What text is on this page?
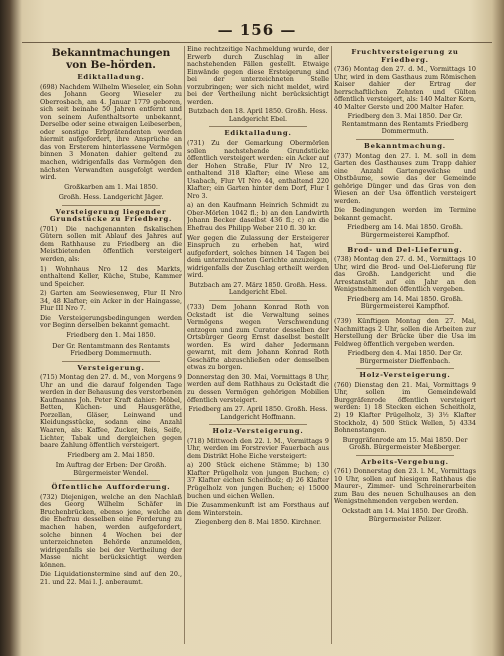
— 156 —
Bekanntmachungen von Be-hörden.
Ediktalladung.

(698) Nachdem Wilhelm Wieseler, ein Sohn des Johann Georg Wieseler zu Oberrosbach, am 4. Januar 1779 geboren, sich seit beinahe 50 Jahren entfernt und von seinem Aufenthaltsorte unbekannt, Derselbe oder seine etwaigen Leibeserben, oder sonstige Erbprätendenten werden hiermit aufgefordert, ihre Ansprüche an das von Ersterem hinterlassene Vermögen binnen 3 Monaten dahier geltend zu machen, widrigenfalls das Vermögen den nächsten Verwandten ausgefolgt werden wird.

Großkarben am 1. Mai 1850.

Großh. Hess. Landgericht Jäger.

Versteigerung liegender Grundstücke zu Friedberg.

(701) Die nachgenannten fiskalischen Gütern sollen mit Ablauf des Jahres auf dem Rathhause zu Friedberg an die Meistbietenden öffentlich versteigert werden, als:

1) Wohnhaus Nro 12 des Markts, enthaltend Keller, Küche, Stube, Kammer und Speicher.

2) Garten am Seewiesenweg, Flur II Nro 34, 48 Klafter; ein Acker in der Haingasse, Flur III Nro 7.

Die Versteigerungsbedingungen werden vor Beginn derselben bekannt gemacht.

Friedberg den 1. Mai 1850.

Der Gr. Rentamtmann des Rentamts Friedberg Dommermuth.

Versteigerung.

(715) Montag den 27. d. M., von Morgens 9 Uhr an und die darauf folgenden Tage werden in der Behausung des verstorbenen Kaufmanns Joh. Peter Kraft dahier: Möbel, Betten, Küchen- und Hausgeräthe, Porzellan, Gläser, Leinwand und Kleidungsstücke, sodann eine Anzahl Waaren, als: Kaffee, Zucker, Reis, Seife, Lichter, Tabak und dergleichen gegen baare Zahlung öffentlich versteigert.

Friedberg am 2. Mai 1850.

Im Auftrag der Erben: Der Großh. Bürgermeister Wendel.

Öffentliche Aufforderung.

(732) Diejenigen, welche an den Nachlaß des Georg Wilhelm Schäfer in Bruchenbrücken, ebenso jene, welche an die Ehefrau desselben eine Forderung zu machen haben, werden aufgefordert, solche binnen 4 Wochen bei der unterzeichneten Behörde anzumelden, widrigenfalls sie bei der Vertheilung der Masse nicht berücksichtigt werden können.

Die Liquidationstermine sind auf den 20., 21. und 22. Mai l. J. anberaumt.

Eine rechtzeitige Nachmeldung wurde, der Erwerb durch Zuschlag in aller nachstehenden Fällen gestellt. Etwaige Einwände gegen diese Ersteigerung sind bei der unterzeichneten Stelle vorzubringen; wer sich nicht meldet, wird bei der Vertheilung nicht berücksichtigt werden.

Butzbach den 18. April 1850. Großh. Hess. Landgericht Ebel.

Ediktalladung.

(731) Zu der Gemarkung Obermörlen sollen nachstehende Grundstücke öffentlich versteigert werden: ein Acker auf der Hohen Straße, Flur IV Nro 12, enthaltend 318 Klafter; eine Wiese am Usabach, Flur VI Nro 44, enthaltend 220 Klafter; ein Garten hinter dem Dorf, Flur I Nro 3.

a) an den Kaufmann Heinrich Schmidt zu Ober-Mörlen 1042 fl.; b) an den Landwirth Johann Becker daselbst 436 fl.; c) an die Ehefrau des Philipp Weber 210 fl. 30 kr.

Wer gegen die Zulassung der Ersteigerer Einspruch zu erheben hat, wird aufgefordert, solches binnen 14 Tagen bei dem unterzeichneten Gerichte anzuzeigen, widrigenfalls der Zuschlag ertheilt werden wird.

Butzbach am 27. März 1850. Großh. Hess. Landgericht Ebel.

(733) Dem Johann Konrad Roth von Ockstadt ist die Verwaltung seines Vermögens wegen Verschwendung entzogen und zum Curator desselben der Ortsbürger Georg Ernst daselbst bestellt worden. Es wird daher Jedermann gewarnt, mit dem Johann Konrad Roth Geschäfte abzuschließen oder demselben etwas zu borgen.

Donnerstag den 30. Mai, Vormittags 8 Uhr, werden auf dem Rathhaus zu Ockstadt die zu dessen Vermögen gehörigen Mobilien öffentlich versteigert.

Friedberg am 27. April 1850. Großh. Hess. Landgericht Hoffmann.

Holz-Versteigerung.

(718) Mittwoch den 22. l. M., Vormittags 9 Uhr, werden im Forstrevier Fauerbach aus dem Distrikt Hohe Eiche versteigert:

a) 200 Stück eichene Stämme; b) 130 Klafter Prügelholz von jungen Buchen; c) 37 Klafter eichen Scheitholz; d) 26 Klafter Prügelholz von jungen Buchen; e) 15000 buchen und eichen Wellen.

Die Zusammenkunft ist am Forsthaus auf dem Winterstein.

Ziegenberg den 8. Mai 1850. Kirchner.

Fruchtversteigerung zu Friedberg.

(736) Montag den 27. d. M., Vormittags 10 Uhr, wird in dem Gasthaus zum Römischen Kaiser dahier der Ertrag der herrschaftlichen Zehnten und Gülten öffentlich versteigert, als: 140 Malter Korn, 40 Malter Gerste und 200 Malter Hafer.

Friedberg den 3. Mai 1850. Der Gr. Rentamtmann des Rentamts Friedberg Dommermuth.

Bekanntmachung.

(737) Montag den 27. l. M. soll in dem Garten des Gasthauses zum Trapp dahier eine Anzahl Gartengewächse und Obstbäume, sowie das der Gemeinde gehörige Dünger und das Gras von den Wiesen an der Usa öffentlich versteigert werden.

Die Bedingungen werden im Termine bekannt gemacht.

Friedberg am 14. Mai 1850. Großh. Bürgermeisterei Kampfhof.

Brod- und Del-Lieferung.

(738) Montag den 27. d. M., Vormittags 10 Uhr, wird die Brod- und Oel-Lieferung für das Großh. Landgericht und die Arrestanstalt auf ein Jahr an den Wenigstnehmenden öffentlich vergeben.

Friedberg am 14. Mai 1850. Großh. Bürgermeisterei Kampfhof.

(739) Künftigen Montag den 27. Mai, Nachmittags 2 Uhr, sollen die Arbeiten zur Herstellung der Brücke über die Usa im Feldweg öffentlich vergeben werden.

Friedberg den 4. Mai 1850. Der Gr. Bürgermeister Dieffenbach.

Holz-Versteigerung.

(760) Dienstag den 21. Mai, Vormittags 9 Uhr, sollen im Gemeindewald Burggräfenrode öffentlich versteigert werden: 1) 18 Stecken eichen Scheitholz, 2) 19 Klafter Prügelholz, 3) 3½ Klafter Stockholz, 4) 500 Stück Wellen, 5) 4334 Bohnenstangen.

Burggräfenrode am 15. Mai 1850. Der Großh. Bürgermeister Meßberger.

Arbeits-Vergebung.

(761) Donnerstag den 23. l. M., Vormittags 10 Uhr, sollen auf hiesigem Rathhaus die Maurer-, Zimmer- und Schreinerarbeiten zum Bau des neuen Schulhauses an den Wenigstnehmenden vergeben werden.

Ockstadt am 14. Mai 1850. Der Großh. Bürgermeister Pelizer.
